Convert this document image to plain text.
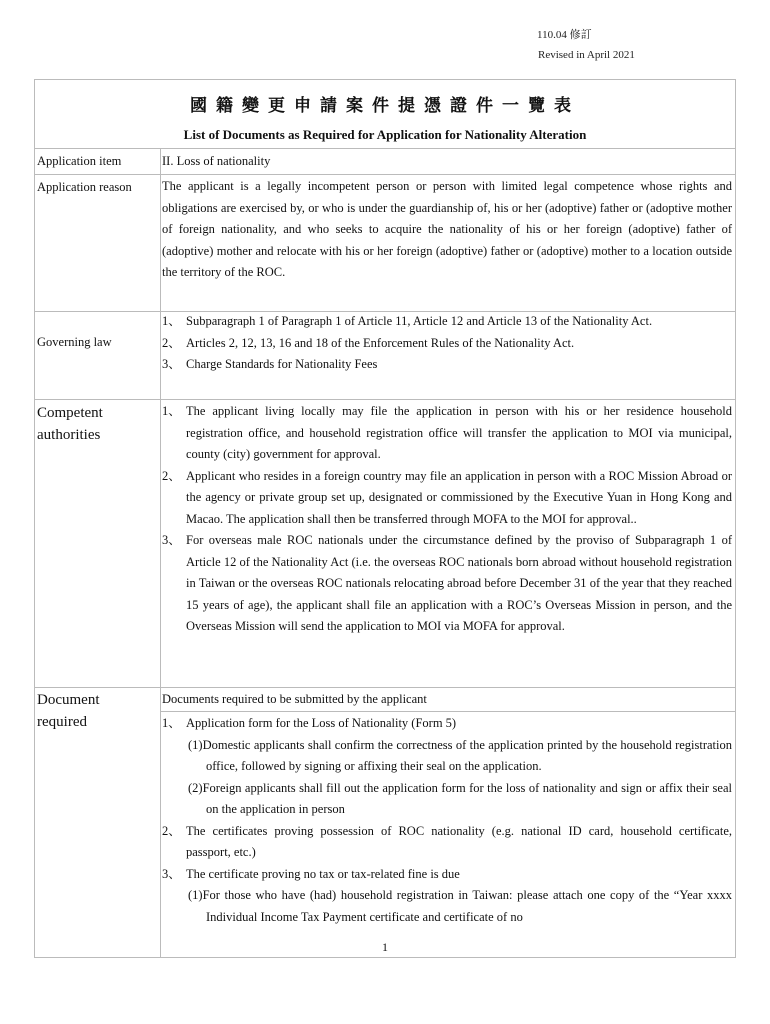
110.04 修訂
Revised in April 2021
國籍變更申請案件提憑證件一覽表
List of Documents as Required for Application for Nationality Alteration
Application item	II. Loss of nationality
Application reason The applicant is a legally incompetent person or person with limited legal competence whose rights and obligations are exercised by, or who is under the guardianship of, his or her (adoptive) father or (adoptive mother of foreign nationality, and who seeks to acquire the nationality of his or her foreign (adoptive) father of (adoptive) mother and relocate with his or her foreign (adoptive) father or (adoptive) mother to a location outside the territory of the ROC.
Governing law
1、 Subparagraph 1 of Paragraph 1 of Article 11, Article 12 and Article 13 of the Nationality Act.
2、 Articles 2, 12, 13, 16 and 18 of the Enforcement Rules of the Nationality Act.
3、 Charge Standards for Nationality Fees
Competent
authorities
1、 The applicant living locally may file the application in person with his or her residence household registration office, and household registration office will transfer the application to MOI via municipal, county (city) government for approval.
2、 Applicant who resides in a foreign country may file an application in person with a ROC Mission Abroad or the agency or private group set up, designated or commissioned by the Executive Yuan in Hong Kong and Macao. The application shall then be transferred through MOFA to the MOI for approval..
3、 For overseas male ROC nationals under the circumstance defined by the proviso of Subparagraph 1 of Article 12 of the Nationality Act (i.e. the overseas ROC nationals born abroad without household registration in Taiwan or the overseas ROC nationals relocating abroad before December 31 of the year that they reached 15 years of age), the applicant shall file an application with a ROC’s Overseas Mission in person, and the Overseas Mission will send the application to MOI via MOFA for approval.
Document
required
Documents required to be submitted by the applicant
1、 Application form for the Loss of Nationality (Form 5)
(1)Domestic applicants shall confirm the correctness of the application printed by the household registration office, followed by signing or affixing their seal on the application.
(2)Foreign applicants shall fill out the application form for the loss of nationality and sign or affix their seal on the application in person
2、 The certificates proving possession of ROC nationality (e.g. national ID card, household certificate, passport, etc.)
3、 The certificate proving no tax or tax-related fine is due
(1)For those who have (had) household registration in Taiwan: please attach one copy of the “Year xxxx Individual Income Tax Payment certificate and certificate of no
1
